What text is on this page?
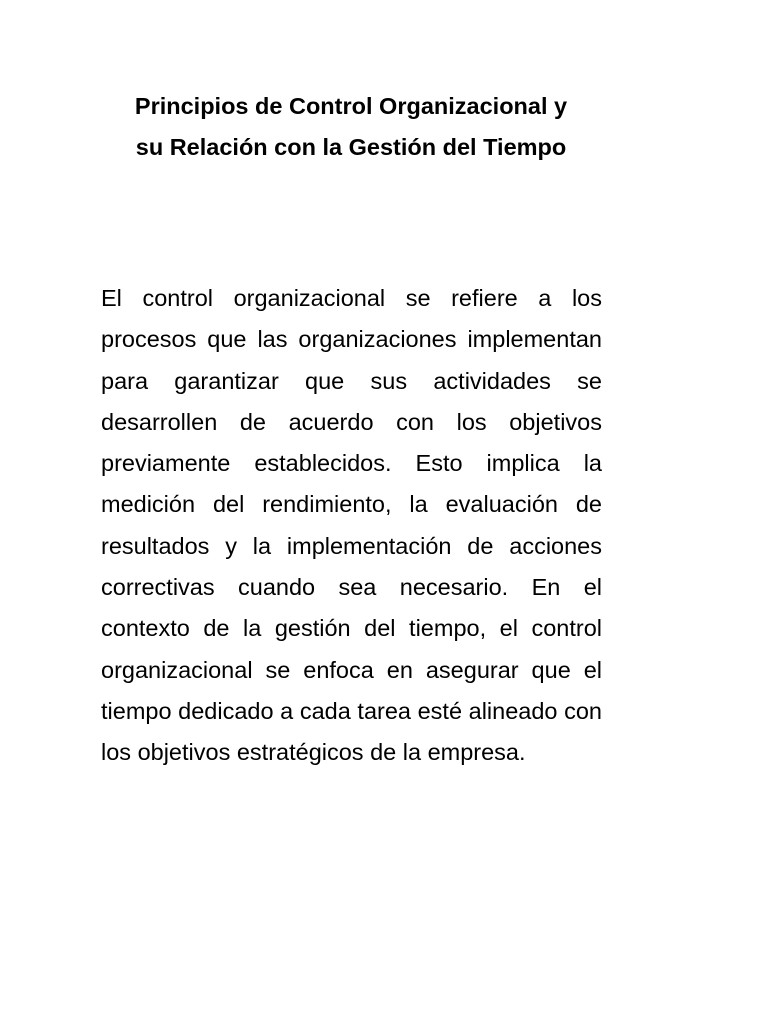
Principios de Control Organizacional y
su Relación con la Gestión del Tiempo

El control organizacional se refiere a los procesos que las organizaciones implementan para garantizar que sus actividades se desarrollen de acuerdo con los objetivos previamente establecidos. Esto implica la medición del rendimiento, la evaluación de resultados y la implementación de acciones correctivas cuando sea necesario. En el contexto de la gestión del tiempo, el control organizacional se enfoca en asegurar que el tiempo dedicado a cada tarea esté alineado con los objetivos estratégicos de la empresa.
